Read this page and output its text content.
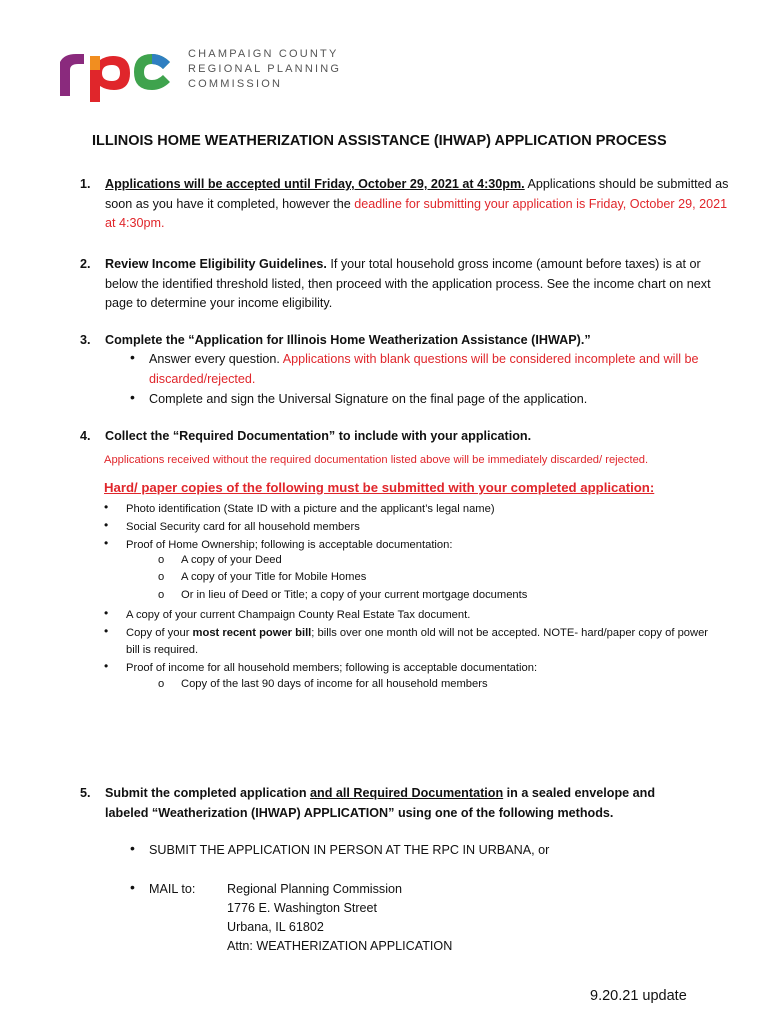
CHAMPAIGN COUNTY
REGIONAL PLANNING
COMMISSION
ILLINOIS HOME WEATHERIZATION ASSISTANCE (IHWAP) APPLICATION PROCESS
1. Applications will be accepted until Friday, October 29, 2021 at 4:30pm. Applications should be submitted as soon as you have it completed, however the deadline for submitting your application is Friday, October 29, 2021 at 4:30pm.
2. Review Income Eligibility Guidelines. If your total household gross income (amount before taxes) is at or below the identified threshold listed, then proceed with the application process. See the income chart on next page to determine your income eligibility.
3. Complete the “Application for Illinois Home Weatherization Assistance (IHWAP).”
• Answer every question. Applications with blank questions will be considered incomplete and will be discarded/rejected.
• Complete and sign the Universal Signature on the final page of the application.
4. Collect the “Required Documentation” to include with your application.
Applications received without the required documentation listed above will be immediately discarded/ rejected.
Hard/ paper copies of the following must be submitted with your completed application:
• Photo identification (State ID with a picture and the applicant’s legal name)
• Social Security card for all household members
• Proof of Home Ownership; following is acceptable documentation:
o A copy of your Deed
o A copy of your Title for Mobile Homes
o Or in lieu of Deed or Title; a copy of your current mortgage documents
• A copy of your current Champaign County Real Estate Tax document.
• Copy of your most recent power bill; bills over one month old will not be accepted. NOTE- hard/paper copy of power bill is required.
• Proof of income for all household members; following is acceptable documentation:
o Copy of the last 90 days of income for all household members
5. Submit the completed application and all Required Documentation in a sealed envelope and labeled “Weatherization (IHWAP) APPLICATION” using one of the following methods.
• SUBMIT THE APPLICATION IN PERSON AT THE RPC IN URBANA, or
• MAIL to:	Regional Planning Commission
1776 E. Washington Street
Urbana, IL 61802
Attn: WEATHERIZATION APPLICATION
9.20.21 update
